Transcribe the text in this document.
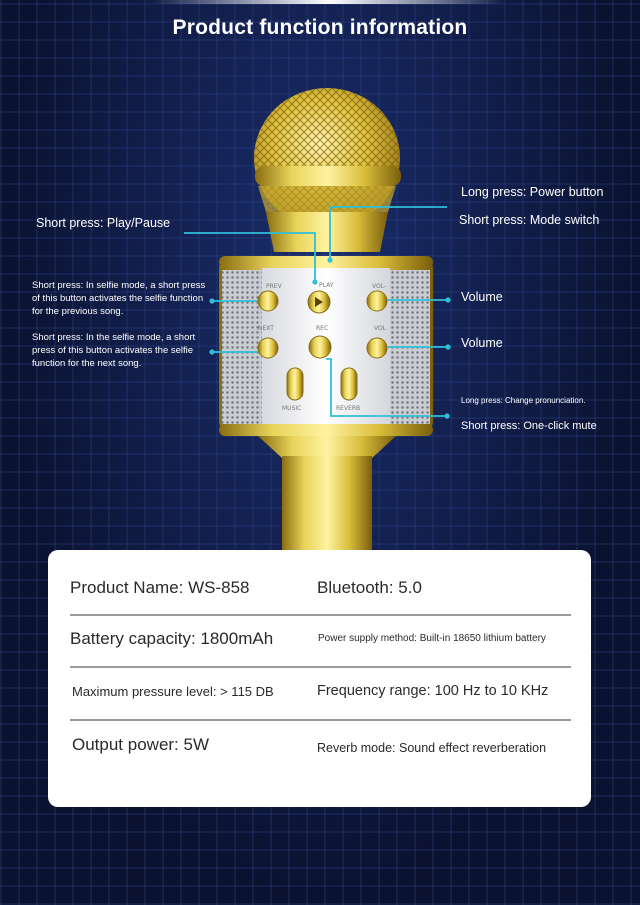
Product function information
PREV	PLAY	VOL-
NEXT	REC	VOL
MUSIC	REVERB
Short press: Play/Pause
Long press: Power button
Short press: Mode switch
Short press: In selfie mode, a short press of this button activates the selfie function for the previous song.
Short press: In the selfie mode, a short press of this button activates the selfie function for the next song.
Volume
Volume
Long press: Change pronunciation.
Short press: One-click mute
Product Name: WS-858	Bluetooth: 5.0
Battery capacity: 1800mAh	Power supply method: Built-in 18650 lithium battery
Maximum pressure level: > 115 DB	Frequency range: 100 Hz to 10 KHz
Output power: 5W	Reverb mode: Sound effect reverberation
